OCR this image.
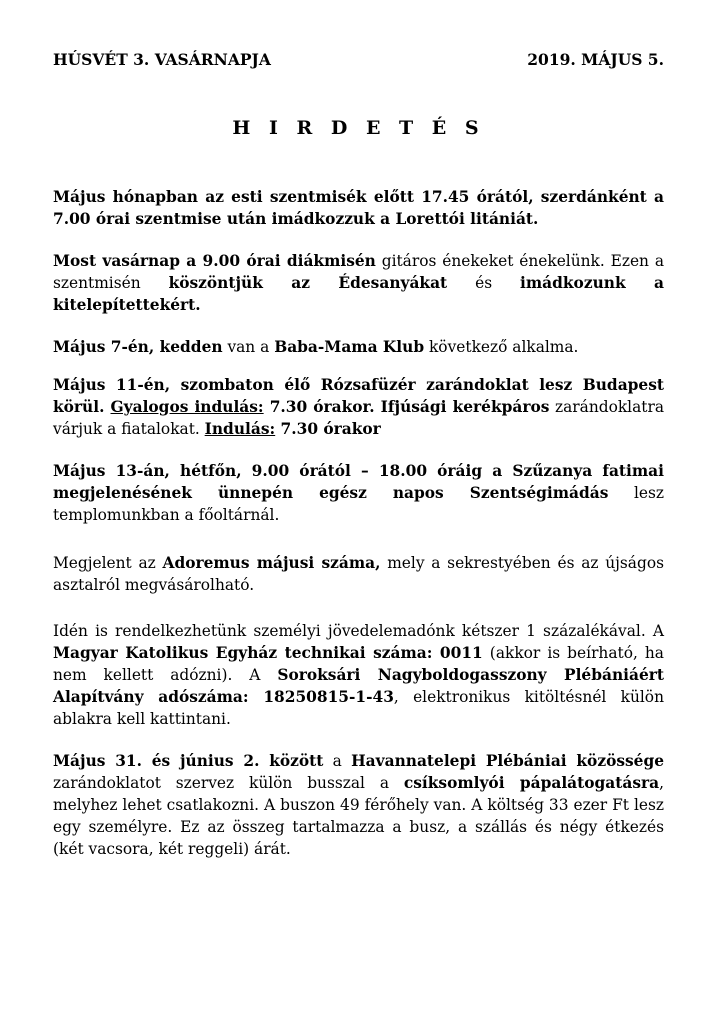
HÚSVÉT 3. VASÁRNAPJA	2019. MÁJUS 5.
H I R D E T É S
Május hónapban az esti szentmisék előtt 17.45 órától, szerdánként a 7.00 órai szentmise után imádkozzuk a Lorettói litániát.
Most vasárnap a 9.00 órai diákmisén gitáros énekeket énekelünk. Ezen a szentmisén köszöntjük az Édesanyákat és imádkozunk a kitelepítettekért.
Május 7-én, kedden van a Baba-Mama Klub következő alkalma.
Május 11-én, szombaton élő Rózsafüzér zarándoklat lesz Budapest körül. Gyalogos indulás: 7.30 órakor. Ifjúsági kerékpáros zarándoklatra várjuk a fiatalokat. Indulás: 7.30 órakor
Május 13-án, hétfőn, 9.00 órától – 18.00 óráig a Szűzanya fatimai megjelenésének ünnepén egész napos Szentségimádás lesz templomunkban a főoltárnál.
Megjelent az Adoremus májusi száma, mely a sekrestyében és az újságos asztalról megvásárolható.
Idén is rendelkezhetünk személyi jövedelemadónk kétszer 1 százalékával. A Magyar Katolikus Egyház technikai száma: 0011 (akkor is beírható, ha nem kellett adózni). A Soroksári Nagyboldogasszony Plébániáért Alapítvány adószáma: 18250815-1-43, elektronikus kitöltésnél külön ablakra kell kattintani.
Május 31. és június 2. között a Havannatelepi Plébániai közössége zarándoklatot szervez külön busszal a csíksomlyói pápalátogatásra, melyhez lehet csatlakozni. A buszon 49 férőhely van. A költség 33 ezer Ft lesz egy személyre. Ez az összeg tartalmazza a busz, a szállás és négy étkezés (két vacsora, két reggeli) árát.
